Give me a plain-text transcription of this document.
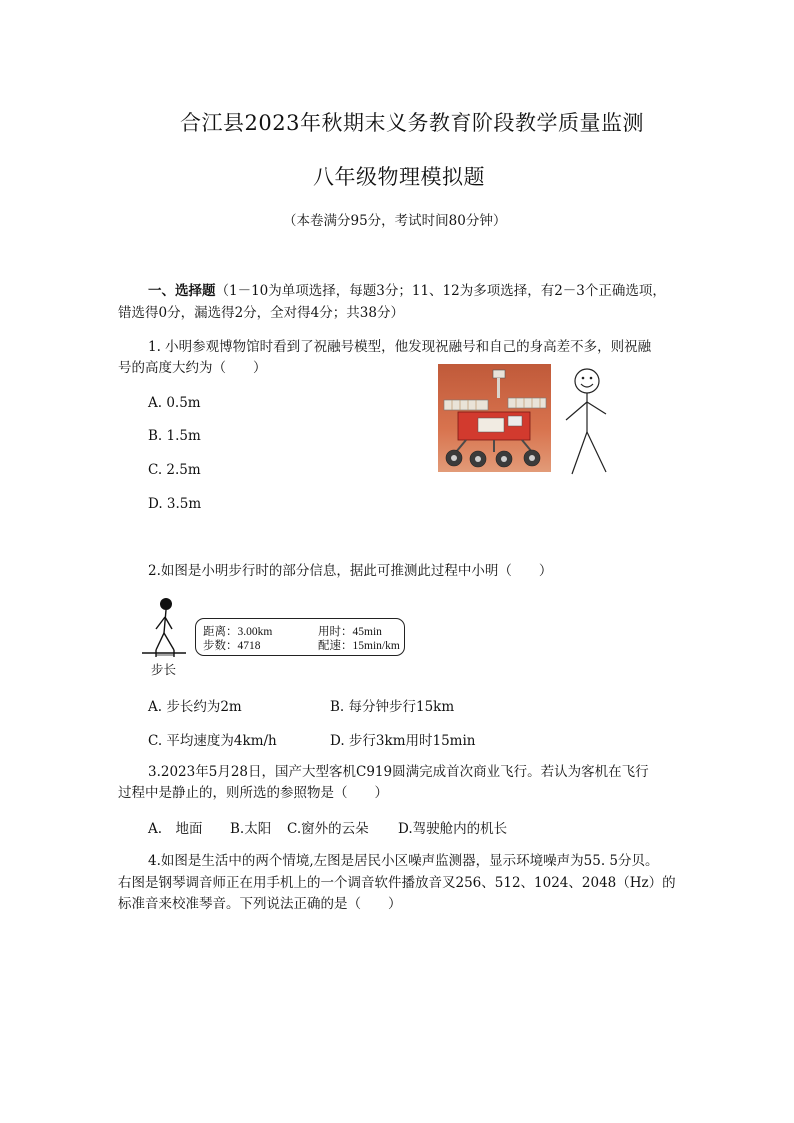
合江县2023年秋期末义务教育阶段教学质量监测
八年级物理模拟题
（本卷满分95分，考试时间80分钟）
一、选择题（1－10为单项选择，每题3分；11、12为多项选择，有2－3个正确选项，
错选得0分，漏选得2分，全对得4分；共38分）
1. 小明参观博物馆时看到了祝融号模型，他发现祝融号和自己的身高差不多，则祝融
号的高度大约为（　　）
A. 0.5m
B. 1.5m
C. 2.5m
D. 3.5m
2.如图是小明步行时的部分信息，据此可推测此过程中小明（　　）
步长
距离：3.00km	用时：45min
步数：4718	配速：15min/km
A. 步长约为2m	B. 每分钟步行15km
C. 平均速度为4km/h	D. 步行3km用时15min
3.2023年5月28日，国产大型客机C919圆满完成首次商业飞行。若认为客机在飞行
过程中是静止的，则所选的参照物是（　　）
A.　地面 B.太阳 C.窗外的云朵 D.驾驶舱内的机长
4.如图是生活中的两个情境,左图是居民小区噪声监测器，显示环境噪声为55. 5分贝。
右图是钢琴调音师正在用手机上的一个调音软件播放音叉256、512、1024、2048（Hz）的
标准音来校准琴音。下列说法正确的是（　　）
